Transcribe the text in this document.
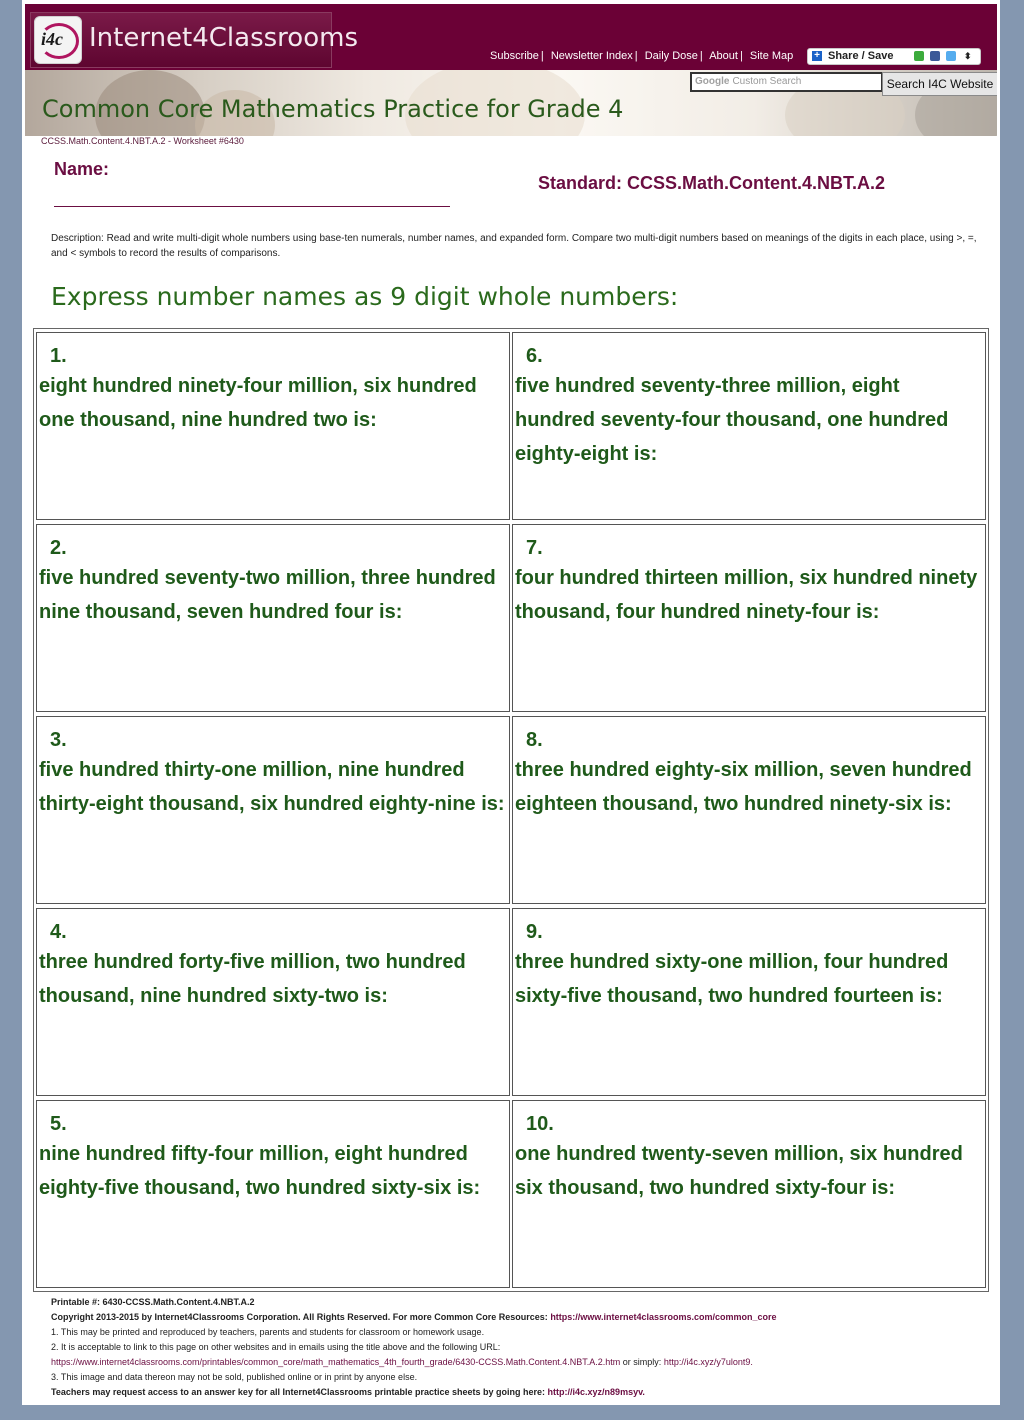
i4c Internet4Classrooms
Subscribe | Newsletter Index | Daily Dose | About | Site Map + Share / Save	⬍
Google Custom Search	Search I4C Website
Common Core Mathematics Practice for Grade 4
CCSS.Math.Content.4.NBT.A.2 - Worksheet #6430
Name:
Standard: CCSS.Math.Content.4.NBT.A.2
Description: Read and write multi-digit whole numbers using base-ten numerals, number names, and expanded form. Compare two multi-digit numbers based on meanings of the digits in each place, using >, =, and < symbols to record the results of comparisons.
Express number names as 9 digit whole numbers:
1.
eight hundred ninety-four million, six hundred one thousand, nine hundred two is:
6.
five hundred seventy-three million, eight hundred seventy-four thousand, one hundred eighty-eight is:
2.
five hundred seventy-two million, three hundred nine thousand, seven hundred four is:
7.
four hundred thirteen million, six hundred ninety thousand, four hundred ninety-four is:
3.
five hundred thirty-one million, nine hundred thirty-eight thousand, six hundred eighty-nine is:
8.
three hundred eighty-six million, seven hundred eighteen thousand, two hundred ninety-six is:
4.
three hundred forty-five million, two hundred thousand, nine hundred sixty-two is:
9.
three hundred sixty-one million, four hundred sixty-five thousand, two hundred fourteen is:
5.
nine hundred fifty-four million, eight hundred eighty-five thousand, two hundred sixty-six is:
10.
one hundred twenty-seven million, six hundred six thousand, two hundred sixty-four is:
Printable #: 6430-CCSS.Math.Content.4.NBT.A.2
Copyright 2013-2015 by Internet4Classrooms Corporation. All Rights Reserved. For more Common Core Resources: https://www.internet4classrooms.com/common_core
1. This may be printed and reproduced by teachers, parents and students for classroom or homework usage.
2. It is acceptable to link to this page on other websites and in emails using the title above and the following URL:
https://www.internet4classrooms.com/printables/common_core/math_mathematics_4th_fourth_grade/6430-CCSS.Math.Content.4.NBT.A.2.htm or simply: http://i4c.xyz/y7ulont9.
3. This image and data thereon may not be sold, published online or in print by anyone else.
Teachers may request access to an answer key for all Internet4Classrooms printable practice sheets by going here: http://i4c.xyz/n89msyv.
